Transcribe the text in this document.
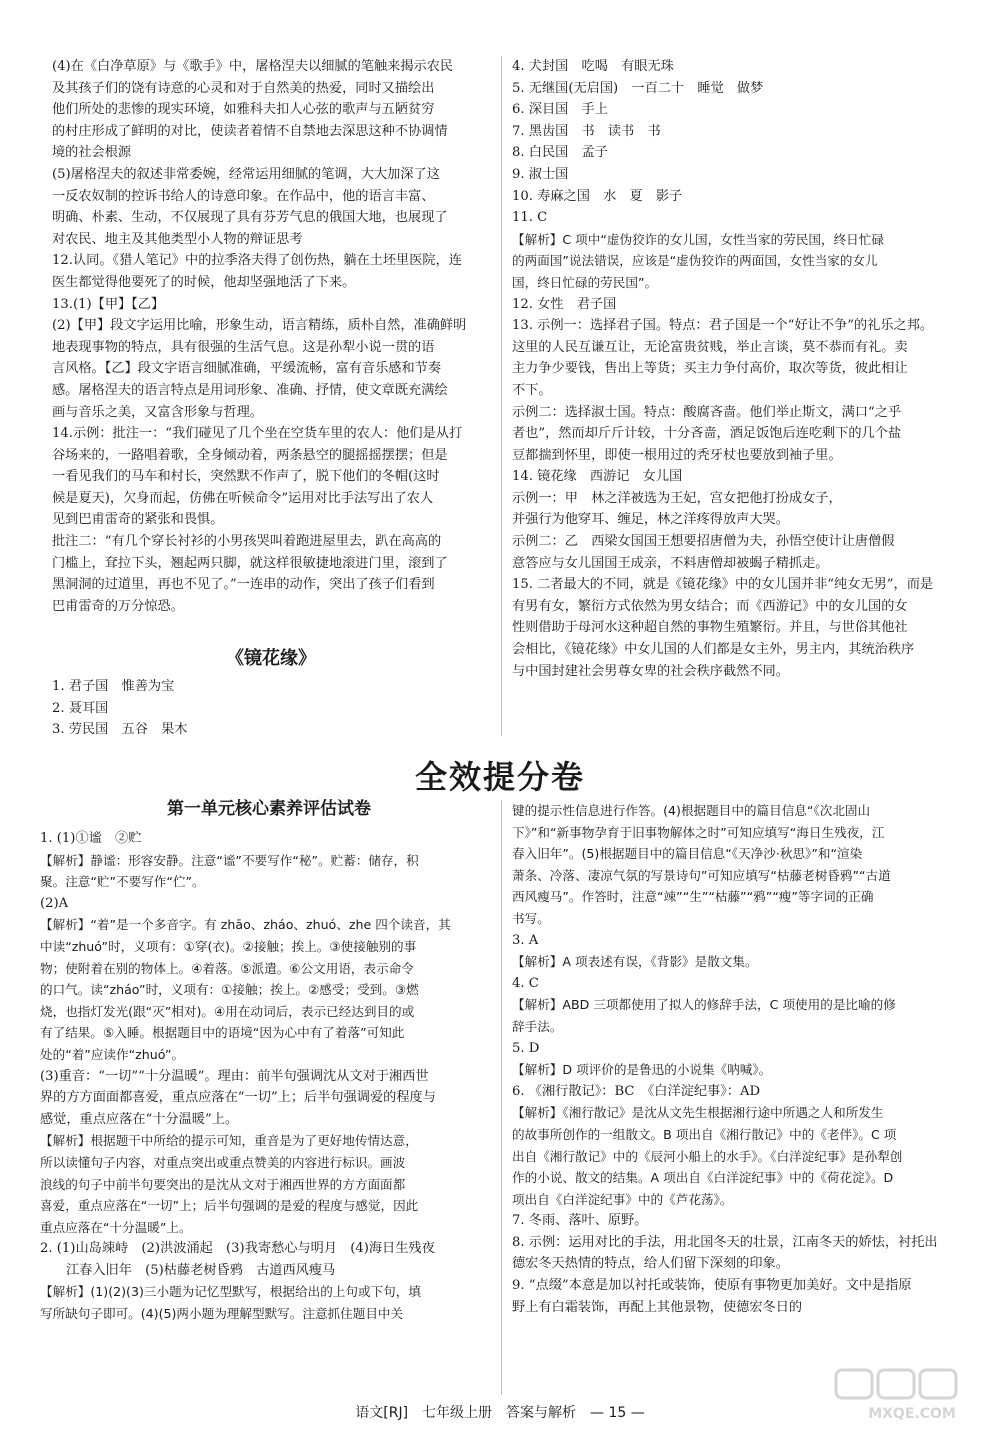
(4)在《白净草原》与《歌手》中，屠格涅夫以细腻的笔触来揭示农民
及其孩子们的饶有诗意的心灵和对于自然美的热爱，同时又描绘出
他们所处的悲惨的现实环境，如雅科夫扣人心弦的歌声与五陋贫穷
的村庄形成了鲜明的对比，使读者着情不自禁地去深思这种不协调情
境的社会根源
(5)屠格涅夫的叙述非常委婉，经常运用细腻的笔调，大大加深了这
一反农奴制的控诉书给人的诗意印象。在作品中，他的语言丰富、
明确、朴素、生动，不仅展现了具有芬芳气息的俄国大地，也展现了
对农民、地主及其他类型小人物的辩证思考
12.认同。《猎人笔记》中的拉季洛夫得了创伤热，躺在土坯里医院，连
医生都觉得他要死了的时候，他却坚强地活了下来。
13.(1)【甲】【乙】
(2)【甲】段文字运用比喻，形象生动，语言精练，质朴自然，准确鲜明
地表现事物的特点，具有很强的生活气息。这是孙犁小说一贯的语
言风格。【乙】段文字语言细腻准确，平缓流畅，富有音乐感和节奏
感。屠格涅夫的语言特点是用词形象、准确、抒情，使文章既充满绘
画与音乐之美，又富含形象与哲理。
14.示例：批注一：“我们碰见了几个坐在空货车里的农人：他们是从打
谷场来的，一路唱着歌，全身倾动着，两条悬空的腿摇摇摆摆；但是
一看见我们的马车和村长，突然默不作声了，脱下他们的冬帽(这时
候是夏天)，欠身而起，仿佛在听候命令”运用对比手法写出了农人
见到巴甫雷奇的紧张和畏惧。
批注二：“有几个穿长衬衫的小男孩哭叫着跑进屋里去，趴在高高的
门槛上，耷拉下头，翘起两只脚，就这样很敏捷地滚进门里，滚到了
黑洞洞的过道里，再也不见了。”一连串的动作，突出了孩子们看到
巴甫雷奇的万分惊恐。
《镜花缘》
1. 君子国　惟善为宝
2. 聂耳国
3. 劳民国　五谷　果木
4. 犬封国　吃喝　有眼无珠
5. 无继国(无启国)　一百二十　睡觉　做梦
6. 深目国　手上
7. 黑齿国　书　读书　书
8. 白民国　孟子
9. 淑士国
10. 寿麻之国　水　夏　影子
11. C
【解析】C 项中“虚伪狡诈的女儿国，女性当家的劳民国，终日忙碌
的两面国”说法错误，应该是“虚伪狡诈的两面国，女性当家的女儿
国，终日忙碌的劳民国”。
12. 女性　君子国
13. 示例一：选择君子国。特点：君子国是一个“好让不争”的礼乐之邦。
这里的人民互谦互让，无论富贵贫贱，举止言谈，莫不恭而有礼。卖
主力争少要钱，售出上等货；买主力争付高价，取次等货，彼此相让
不下。
示例二：选择淑士国。特点：酸腐吝啬。他们举止斯文，满口“之乎
者也”，然而却斤斤计较，十分吝啬，酒足饭饱后连吃剩下的几个盐
豆都揣到怀里，即使一根用过的秃牙杖也要放到袖子里。
14. 镜花缘　西游记　女儿国
示例一：甲　林之洋被选为王妃，宫女把他打扮成女子，
并强行为他穿耳、缠足，林之洋疼得放声大哭。
示例二：乙　西梁女国国王想要招唐僧为夫，孙悟空使计让唐僧假
意答应与女儿国国王成亲，不料唐僧却被蝎子精抓走。
15. 二者最大的不同，就是《镜花缘》中的女儿国并非“纯女无男”，而是
有男有女，繁衍方式依然为男女结合；而《西游记》中的女儿国的女
性则借助于母河水这种超自然的事物生殖繁衍。并且，与世俗其他社
会相比，《镜花缘》中女儿国的人们都是女主外，男主内，其统治秩序
与中国封建社会男尊女卑的社会秩序截然不同。
全效提分卷
第一单元核心素养评估试卷
1. (1)①谧　②贮
【解析】静谧：形容安静。注意“谧”不要写作“秘”。贮蓄：储存，积
聚。注意“贮”不要写作“伫”。
(2)A
【解析】“着”是一个多音字。有 zhāo、zháo、zhuó、zhe 四个读音，其
中读“zhuó”时，义项有：①穿(衣)。②接触；挨上。③使接触别的事
物；使附着在别的物体上。④着落。⑤派遣。⑥公文用语，表示命令
的口气。读“zháo”时，义项有：①接触；挨上。②感受；受到。③燃
烧，也指灯发光(跟“灭”相对)。④用在动词后，表示已经达到目的或
有了结果。⑤入睡。根据题目中的语境“因为心中有了着落”可知此
处的“着”应读作“zhuó”。
(3)重音：“一切”“十分温暖”。理由：前半句强调沈从文对于湘西世
界的方方面面都喜爱，重点应落在“一切”上；后半句强调爱的程度与
感觉，重点应落在“十分温暖”上。
【解析】根据题干中所给的提示可知，重音是为了更好地传情达意，
所以读懂句子内容，对重点突出或重点赞美的内容进行标识。画波
浪线的句子中前半句要突出的是沈从文对于湘西世界的方方面面都
喜爱，重点应落在“一切”上；后半句强调的是爱的程度与感觉，因此
重点应落在“十分温暖”上。
2. (1)山岛竦峙　(2)洪波涌起　(3)我寄愁心与明月　(4)海日生残夜
江春入旧年　(5)枯藤老树昏鸦　古道西风瘦马
【解析】(1)(2)(3)三小题为记忆型默写，根据给出的上句或下句，填
写所缺句子即可。(4)(5)两小题为理解型默写。注意抓住题目中关
键的提示性信息进行作答。(4)根据题目中的篇目信息“《次北固山
下》”和“新事物孕育于旧事物解体之时”可知应填写“海日生残夜，江
春入旧年”。(5)根据题目中的篇目信息“《天净沙·秋思》”和“渲染
萧条、冷落、凄凉气氛的写景诗句”可知应填写“枯藤老树昏鸦”“古道
西风瘦马”。作答时，注意“竦”“生”“枯藤”“鸦”“瘦”等字词的正确
书写。
3. A
【解析】A 项表述有误，《背影》是散文集。
4. C
【解析】ABD 三项都使用了拟人的修辞手法，C 项使用的是比喻的修
辞手法。
5. D
【解析】D 项评价的是鲁迅的小说集《呐喊》。
6. 《湘行散记》：BC　《白洋淀纪事》：AD
【解析】《湘行散记》是沈从文先生根据湘行途中所遇之人和所发生
的故事所创作的一组散文。B 项出自《湘行散记》中的《老伴》。C 项
出自《湘行散记》中的《辰河小船上的水手》。《白洋淀纪事》是孙犁创
作的小说、散文的结集。A 项出自《白洋淀纪事》中的《荷花淀》。D
项出自《白洋淀纪事》中的《芦花荡》。
7. 冬雨、落叶、原野。
8. 示例：运用对比的手法，用北国冬天的壮景，江南冬天的娇怯，衬托出
德宏冬天热情的特点，给人们留下深刻的印象。
9. “点缀”本意是加以衬托或装饰，使原有事物更加美好。文中是指原
野上有白霜装饰，再配上其他景物，使德宏冬日的
语文[RJ]　七年级上册　答案与解析　— 15 —	MXQE.COM
